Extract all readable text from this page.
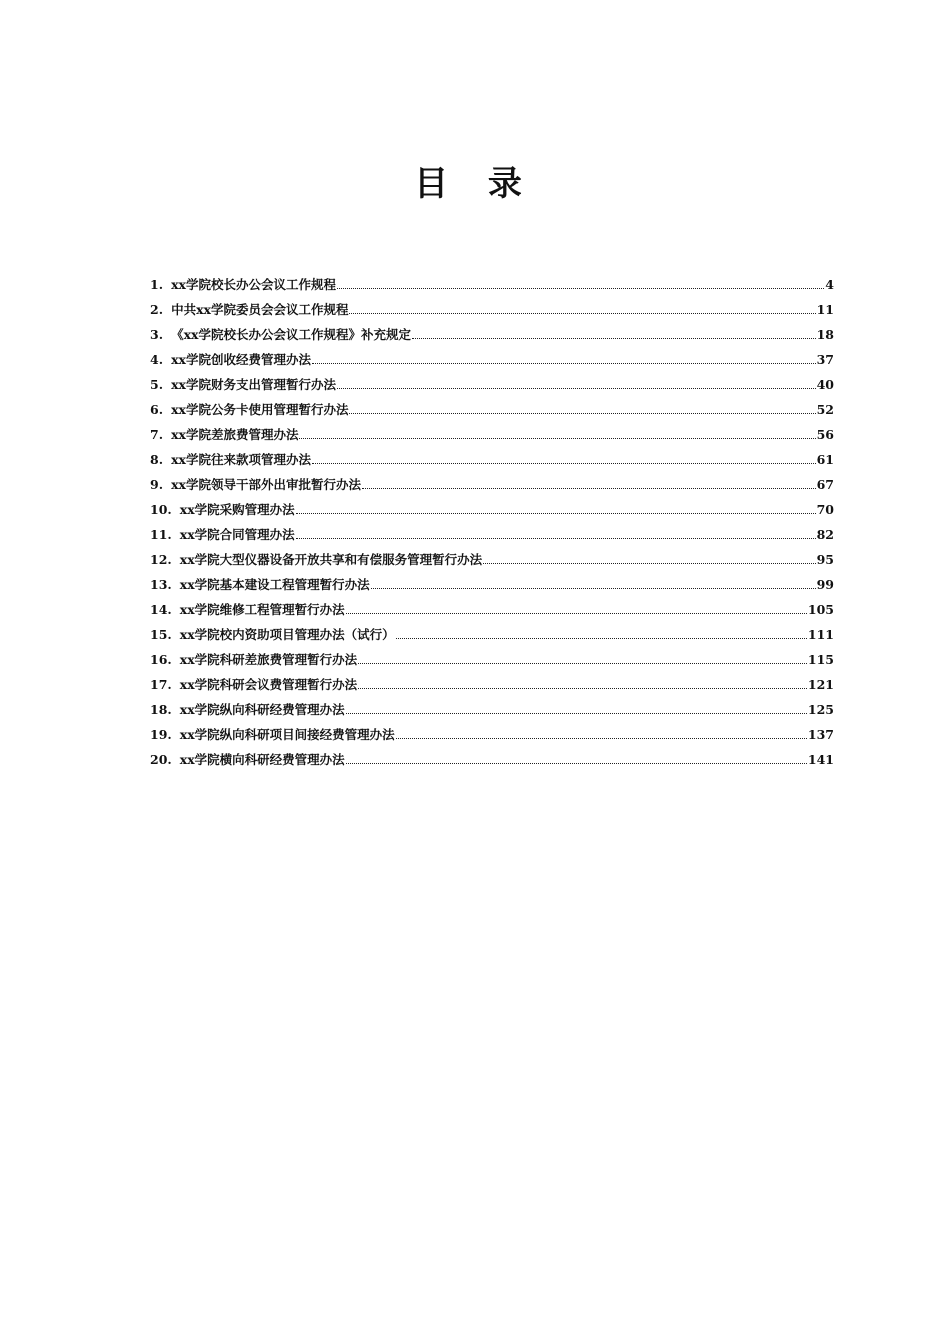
目 录
1. xx学院校长办公会议工作规程	4
2. 中共xx学院委员会会议工作规程	11
3. 《xx学院校长办公会议工作规程》补充规定	18
4. xx学院创收经费管理办法	37
5. xx学院财务支出管理暂行办法	40
6. xx学院公务卡使用管理暂行办法	52
7. xx学院差旅费管理办法	56
8. xx学院往来款项管理办法	61
9. xx学院领导干部外出审批暂行办法	67
10. xx学院采购管理办法	70
11. xx学院合同管理办法	82
12. xx学院大型仪器设备开放共享和有偿服务管理暂行办法	95
13. xx学院基本建设工程管理暂行办法	99
14. xx学院维修工程管理暂行办法	105
15. xx学院校内资助项目管理办法（试行）	111
16. xx学院科研差旅费管理暂行办法	115
17. xx学院科研会议费管理暂行办法	121
18. xx学院纵向科研经费管理办法	125
19. xx学院纵向科研项目间接经费管理办法	137
20. xx学院横向科研经费管理办法	141
